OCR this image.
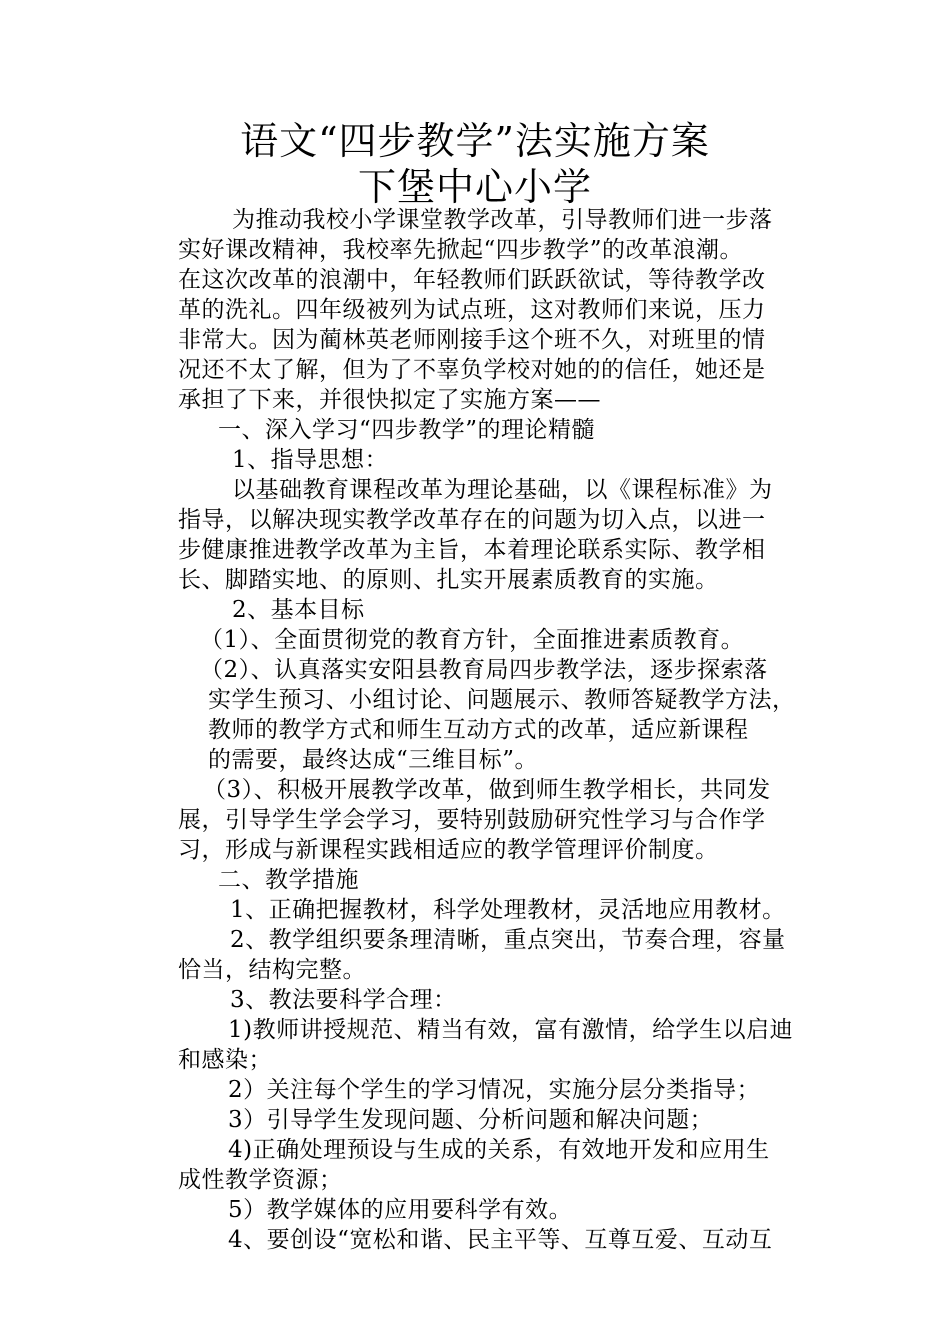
语文“四步教学”法实施方案
下堡中心小学
为推动我校小学课堂教学改革，引导教师们进一步落
实好课改精神，我校率先掀起“四步教学”的改革浪潮。
在这次改革的浪潮中，年轻教师们跃跃欲试，等待教学改
革的洗礼。四年级被列为试点班，这对教师们来说，压力
非常大。因为蔺林英老师刚接手这个班不久，对班里的情
况还不太了解，但为了不辜负学校对她的的信任，她还是
承担了下来，并很快拟定了实施方案——
一、深入学习“四步教学”的理论精髓
1、指导思想：
以基础教育课程改革为理论基础，以《课程标准》为
指导，以解决现实教学改革存在的问题为切入点，以进一
步健康推进教学改革为主旨，本着理论联系实际、教学相
长、脚踏实地、的原则、扎实开展素质教育的实施。
2、基本目标
（1）、全面贯彻党的教育方针，全面推进素质教育。
（2）、认真落实安阳县教育局四步教学法，逐步探索落
实学生预习、小组讨论、问题展示、教师答疑教学方法，
教师的教学方式和师生互动方式的改革，适应新课程
的需要，最终达成“三维目标”。
（3）、积极开展教学改革，做到师生教学相长，共同发
展，引导学生学会学习，要特别鼓励研究性学习与合作学
习，形成与新课程实践相适应的教学管理评价制度。
二、教学措施
1、正确把握教材，科学处理教材，灵活地应用教材。
2、教学组织要条理清晰，重点突出，节奏合理，容量
恰当，结构完整。
3、教法要科学合理：
1)教师讲授规范、精当有效，富有激情，给学生以启迪
和感染；
2）关注每个学生的学习情况，实施分层分类指导；
3）引导学生发现问题、分析问题和解决问题；
4)正确处理预设与生成的关系，有效地开发和应用生
成性教学资源；
5）教学媒体的应用要科学有效。
4、要创设“宽松和谐、民主平等、互尊互爱、互动互
